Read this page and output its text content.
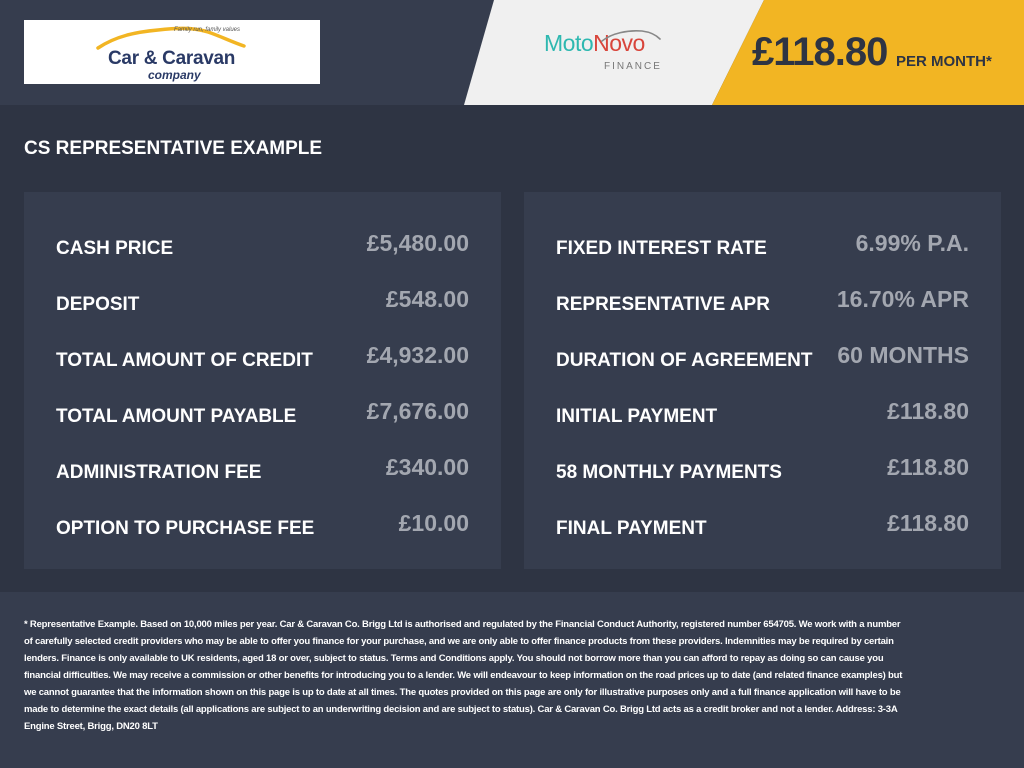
Family run, family values
Car & Caravan
company
MotoNovo
FINANCE £118.80 PER MONTH*
CS REPRESENTATIVE EXAMPLE
CASH PRICE	£5,480.00
DEPOSIT	£548.00
TOTAL AMOUNT OF CREDIT £4,932.00
TOTAL AMOUNT PAYABLE	£7,676.00
ADMINISTRATION FEE	£340.00
OPTION TO PURCHASE FEE	£10.00
FIXED INTEREST RATE	6.99% P.A.
REPRESENTATIVE APR	16.70% APR
DURATION OF AGREEMENT 60 MONTHS
INITIAL PAYMENT	£118.80
58 MONTHLY PAYMENTS	£118.80
FINAL PAYMENT	£118.80

* Representative Example. Based on 10,000 miles per year. Car & Caravan Co. Brigg Ltd is authorised and regulated by the Financial Conduct Authority, registered number 654705. We work with a number of carefully selected credit providers who may be able to offer you finance for your purchase, and we are only able to offer finance products from these providers. Indemnities may be required by certain lenders. Finance is only available to UK residents, aged 18 or over, subject to status. Terms and Conditions apply. You should not borrow more than you can afford to repay as doing so can cause you financial difficulties. We may receive a commission or other benefits for introducing you to a lender. We will endeavour to keep information on the road prices up to date (and related finance examples) but we cannot guarantee that the information shown on this page is up to date at all times. The quotes provided on this page are only for illustrative purposes only and a full finance application will have to be made to determine the exact details (all applications are subject to an underwriting decision and are subject to status). Car & Caravan Co. Brigg Ltd acts as a credit broker and not a lender. Address: 3-3A Engine Street, Brigg, DN20 8LT
